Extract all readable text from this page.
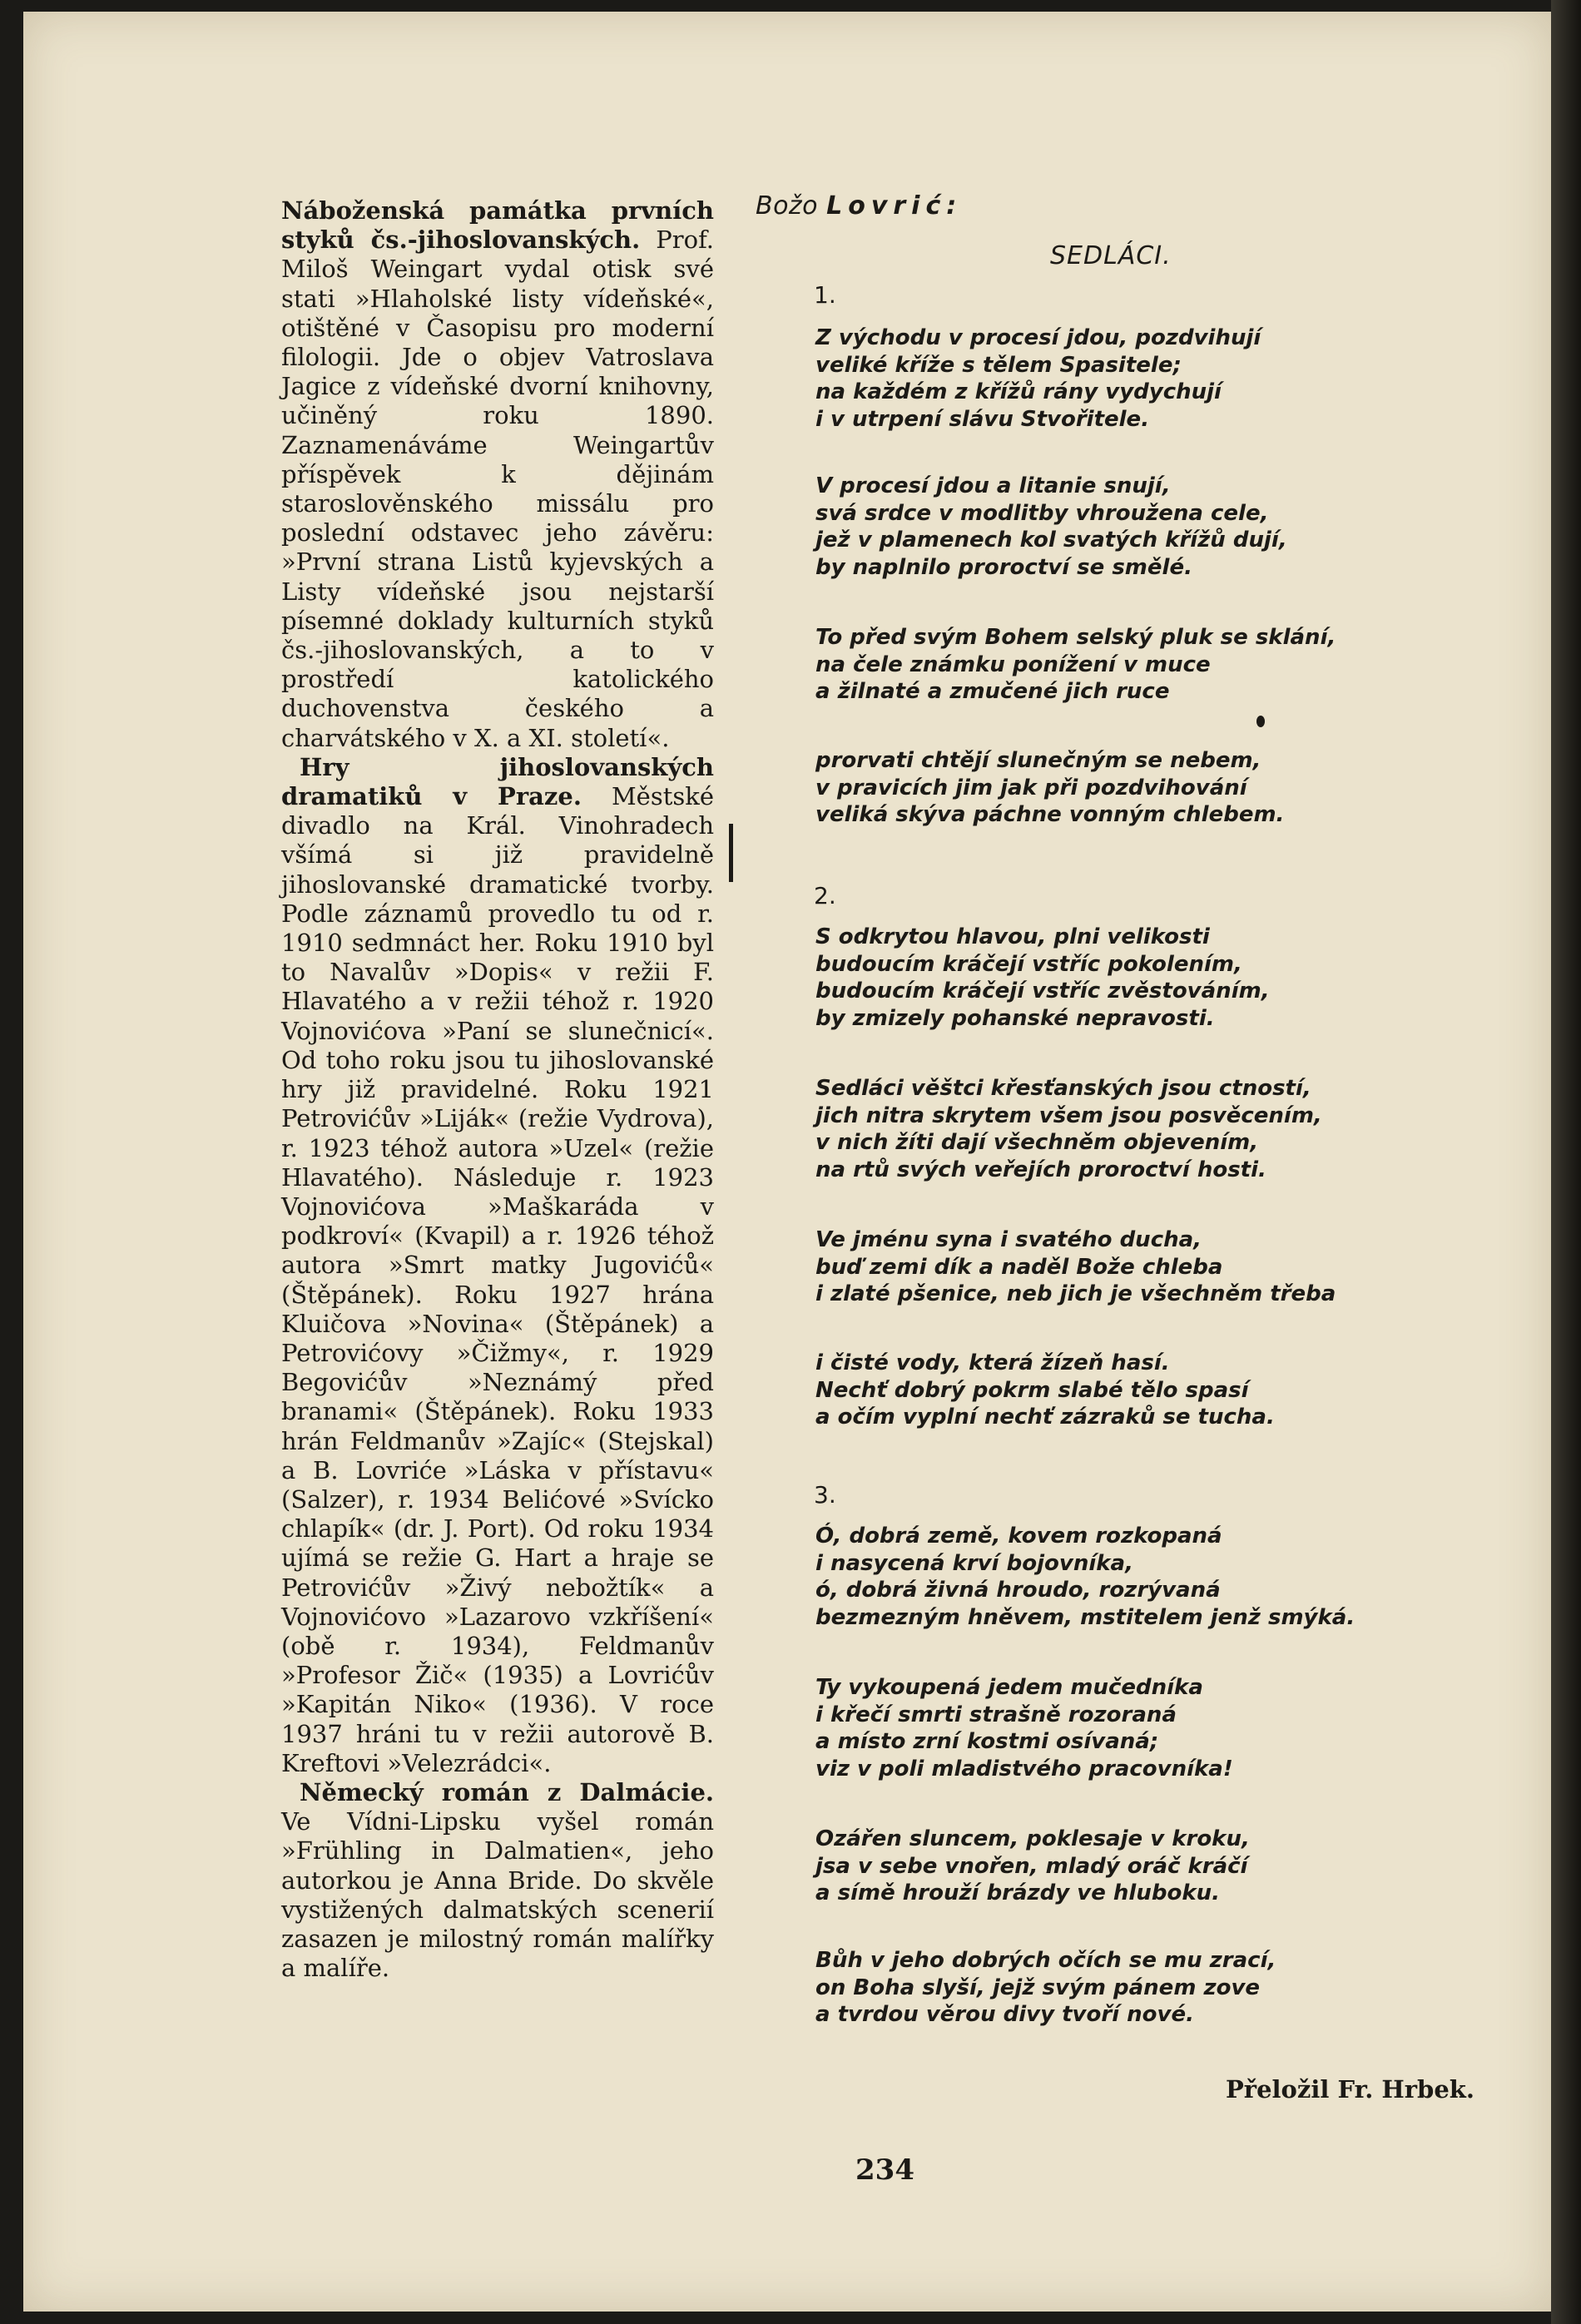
Náboženská památka prvních styků čs.-jihoslovanských. Prof. Miloš Weingart vydal otisk své stati »Hlaholské listy vídeňské«, otištěné v Časopisu pro moderní filologii. Jde o objev Vatroslava Jagice z vídeňské dvorní knihovny, učiněný roku 1890. Zaznamenáváme Weingartův příspěvek k dějinám staroslověnského missálu pro poslední odstavec jeho závěru: »První strana Listů kyjevských a Listy vídeňské jsou nejstarší písemné doklady kulturních styků čs.-jihoslovanských, a to v prostředí katolického duchovenstva českého a charvátského v X. a XI. století«.

Hry jihoslovanských dramatiků v Praze. Městské divadlo na Král. Vinohradech všímá si již pravidelně jihoslovanské dramatické tvorby. Podle záznamů provedlo tu od r. 1910 sedmnáct her. Roku 1910 byl to Navalův »Dopis« v režii F. Hlavatého a v režii téhož r. 1920 Vojnovićova »Paní se slunečnicí«. Od toho roku jsou tu jihoslovanské hry již pravidelné. Roku 1921 Petrovićův »Liják« (režie Vydrova), r. 1923 téhož autora »Uzel« (režie Hlavatého). Následuje r. 1923 Vojnovićova »Maškaráda v podkroví« (Kvapil) a r. 1926 téhož autora »Smrt matky Jugovićů« (Štěpánek). Roku 1927 hrána Kluičova »Novina« (Štěpánek) a Petrovićovy »Čižmy«, r. 1929 Begovićův »Neznámý před branami« (Štěpánek). Roku 1933 hrán Feldmanův »Zajíc« (Stejskal) a B. Lovriće »Láska v přístavu« (Salzer), r. 1934 Belićové »Svícko chlapík« (dr. J. Port). Od roku 1934 ujímá se režie G. Hart a hraje se Petrovićův »Živý nebožtík« a Vojnovićovo »Lazarovo vzkříšení« (obě r. 1934), Feldmanův »Profesor Žič« (1935) a Lovrićův »Kapitán Niko« (1936). V roce 1937 hráni tu v režii autorově B. Kreftovi »Velezrádci«.

Německý román z Dalmácie. Ve Vídni-Lipsku vyšel román »Frühling in Dalmatien«, jeho autorkou je Anna Bride. Do skvěle vystižených dalmatských scenerií zasazen je milostný román malířky a malíře.

Božo Lovrić:
SEDLÁCI.
1.
Z východu v procesí jdou, pozdvihují
veliké kříže s tělem Spasitele;
na každém z křížů rány vydychují
i v utrpení slávu Stvořitele.
V procesí jdou a litanie snují,
svá srdce v modlitby vhroužena cele,
jež v plamenech kol svatých křížů dují,
by naplnilo proroctví se smělé.
To před svým Bohem selský pluk se sklání,
na čele známku ponížení v muce
a žilnaté a zmučené jich ruce
prorvati chtějí slunečným se nebem,
v pravicích jim jak při pozdvihování
veliká skýva páchne vonným chlebem.
2.
S odkrytou hlavou, plni velikosti
budoucím kráčejí vstříc pokolením,
budoucím kráčejí vstříc zvěstováním,
by zmizely pohanské nepravosti.
Sedláci věštci křesťanských jsou ctností,
jich nitra skrytem všem jsou posvěcením,
v nich žíti dají všechněm objevením,
na rtů svých veřejích proroctví hosti.
Ve jménu syna i svatého ducha,
buď zemi dík a naděl Bože chleba
i zlaté pšenice, neb jich je všechněm třeba
i čisté vody, která žízeň hasí.
Nechť dobrý pokrm slabé tělo spasí
a očím vyplní nechť zázraků se tucha.
3.
Ó, dobrá země, kovem rozkopaná
i nasycená krví bojovníka,
ó, dobrá živná hroudo, rozrývaná
bezmezným hněvem, mstitelem jenž smýká.
Ty vykoupená jedem mučedníka
i křečí smrti strašně rozoraná
a místo zrní kostmi osívaná;
viz v poli mladistvého pracovníka!
Ozářen sluncem, poklesaje v kroku,
jsa v sebe vnořen, mladý oráč kráčí
a símě hrouží brázdy ve hluboku.
Bůh v jeho dobrých očích se mu zrací,
on Boha slyší, jejž svým pánem zove
a tvrdou věrou divy tvoří nové.
Přeložil Fr. Hrbek.
234
